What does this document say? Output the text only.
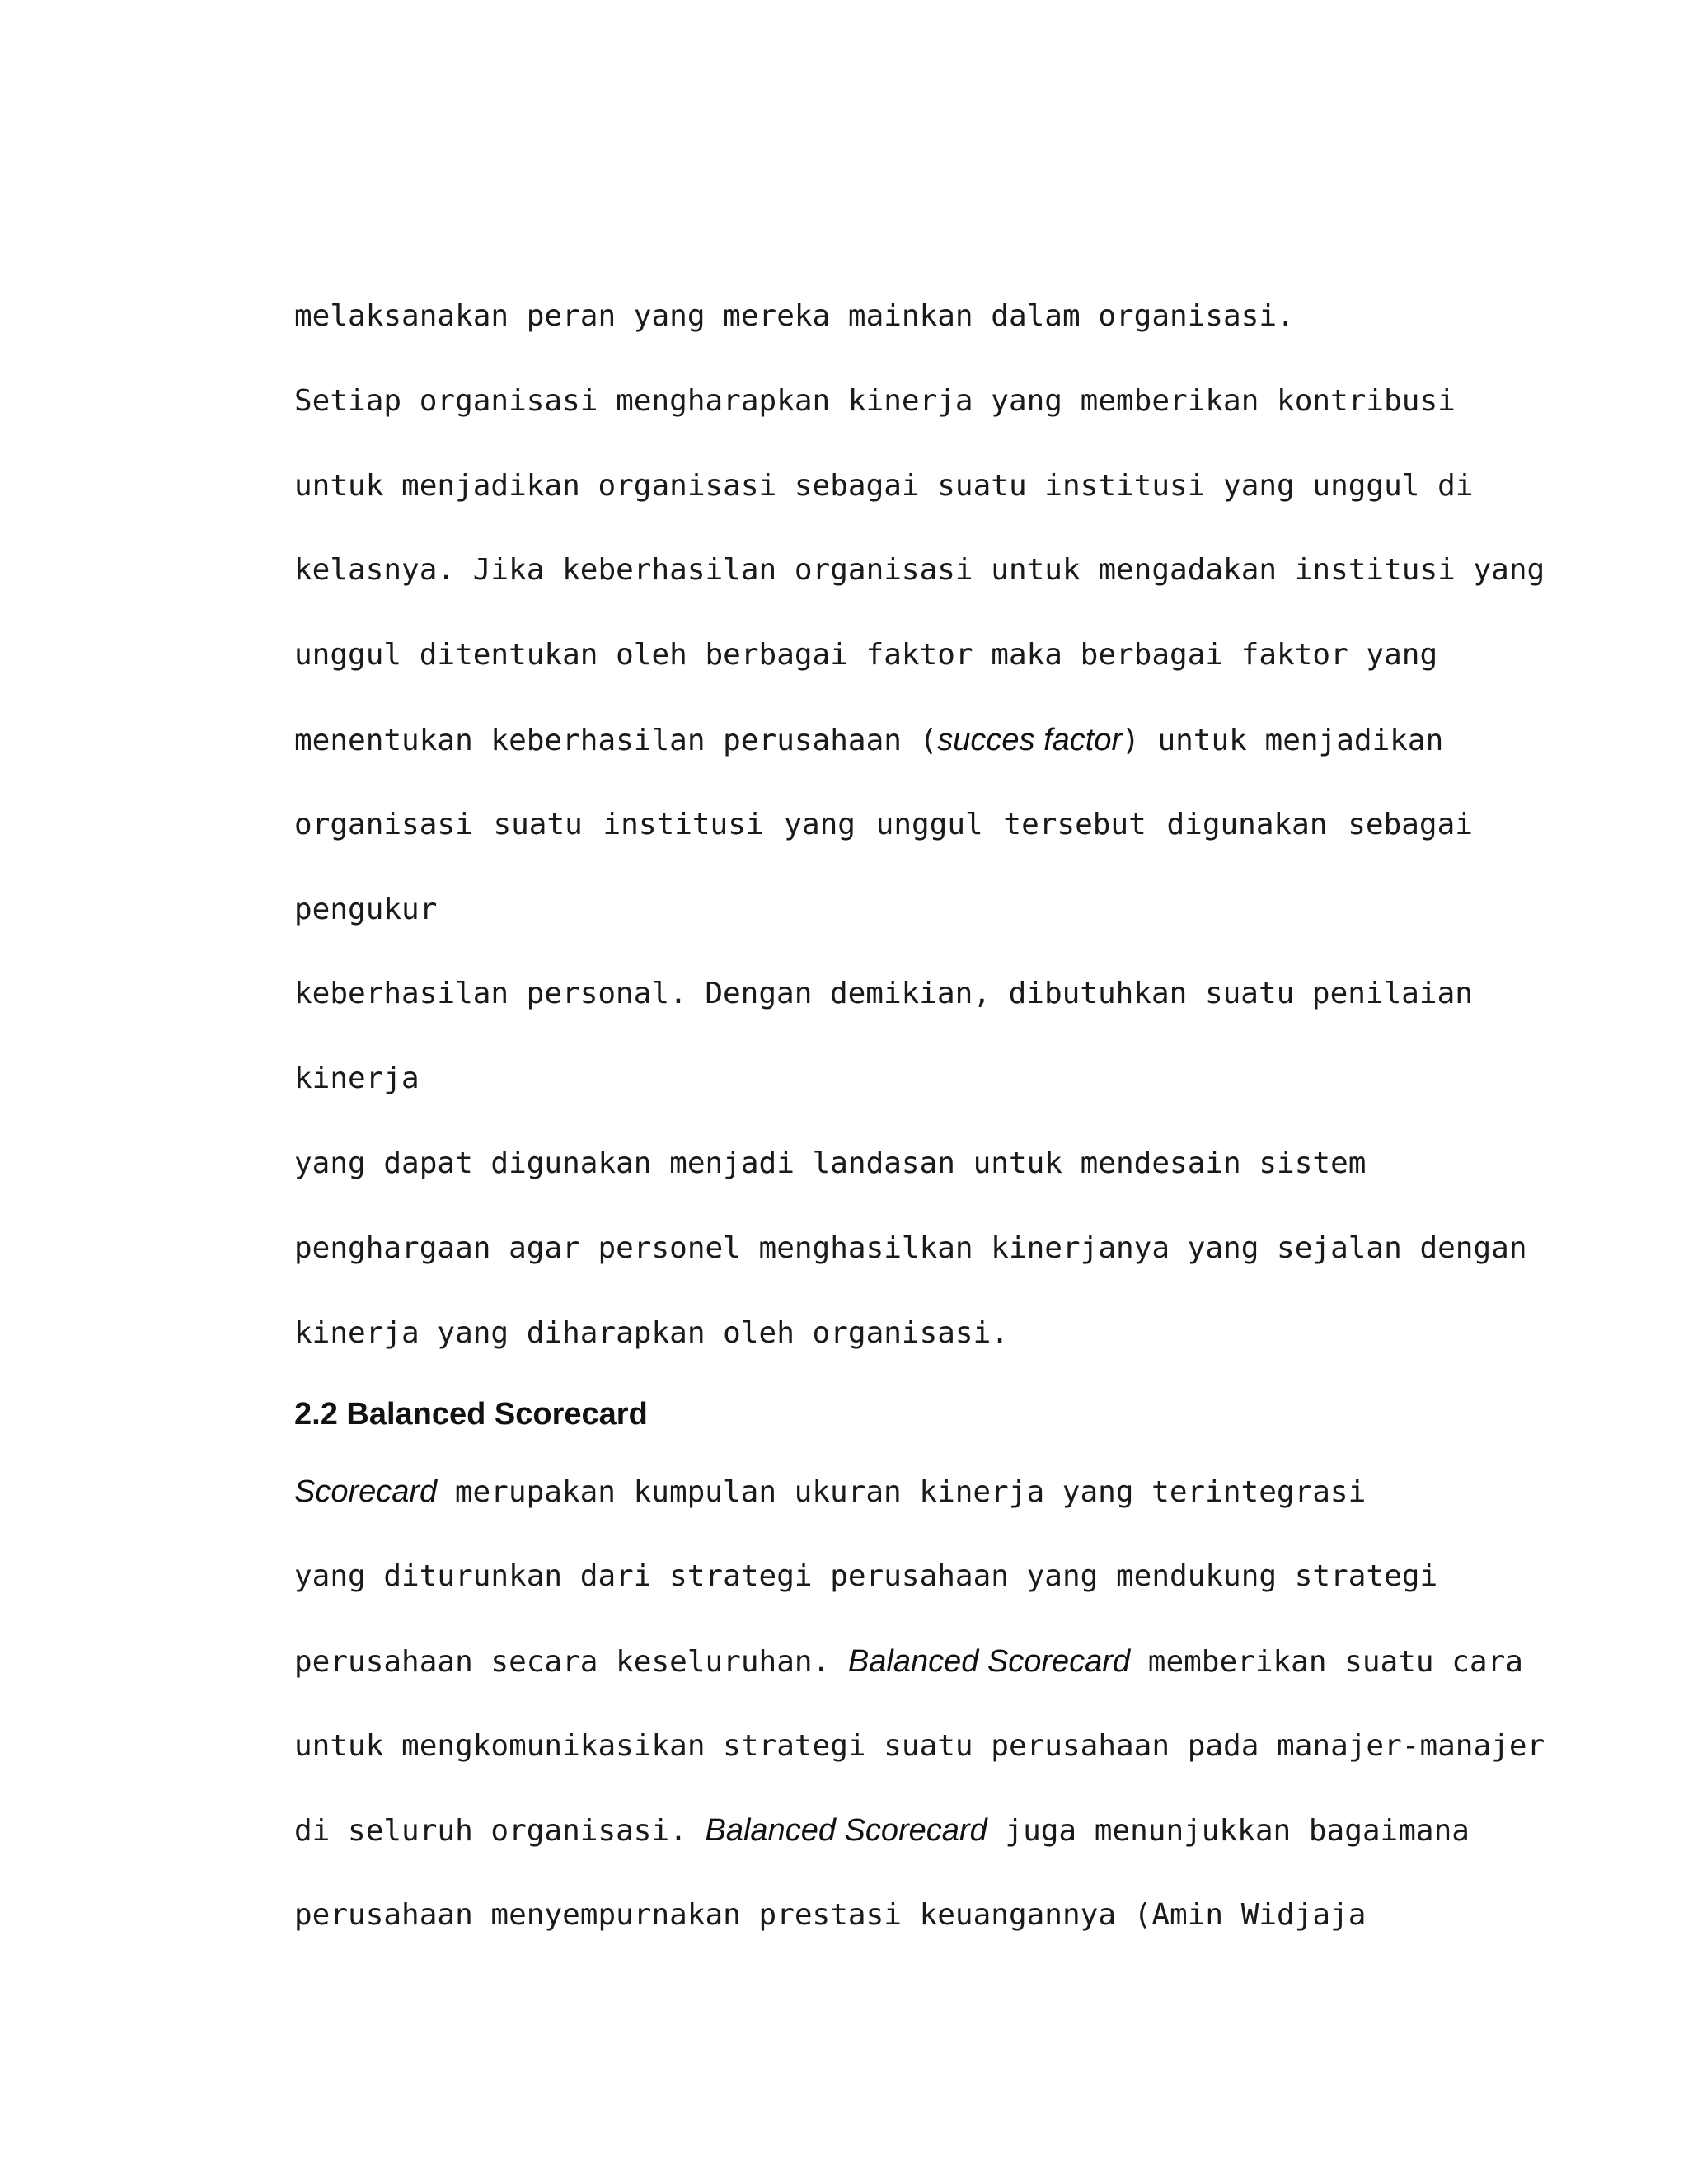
melaksanakan peran yang mereka mainkan dalam organisasi.
Setiap organisasi mengharapkan kinerja yang memberikan kontribusi
untuk menjadikan organisasi sebagai suatu institusi yang unggul di
kelasnya. Jika keberhasilan organisasi untuk mengadakan institusi yang
unggul ditentukan oleh berbagai faktor maka berbagai faktor yang
menentukan keberhasilan perusahaan (succes factor) untuk menjadikan
organisasi suatu institusi yang unggul tersebut digunakan sebagai
pengukur
keberhasilan personal. Dengan demikian, dibutuhkan suatu penilaian
kinerja
yang dapat digunakan menjadi landasan untuk mendesain sistem
penghargaan agar personel menghasilkan kinerjanya yang sejalan dengan
kinerja yang diharapkan oleh organisasi.
2.2 Balanced Scorecard
Scorecard merupakan kumpulan ukuran kinerja yang terintegrasi
yang diturunkan dari strategi perusahaan yang mendukung strategi
perusahaan secara keseluruhan. Balanced Scorecard memberikan suatu cara
untuk mengkomunikasikan strategi suatu perusahaan pada manajer-manajer
di seluruh organisasi. Balanced Scorecard juga menunjukkan bagaimana
perusahaan menyempurnakan prestasi keuangannya (Amin Widjaja
